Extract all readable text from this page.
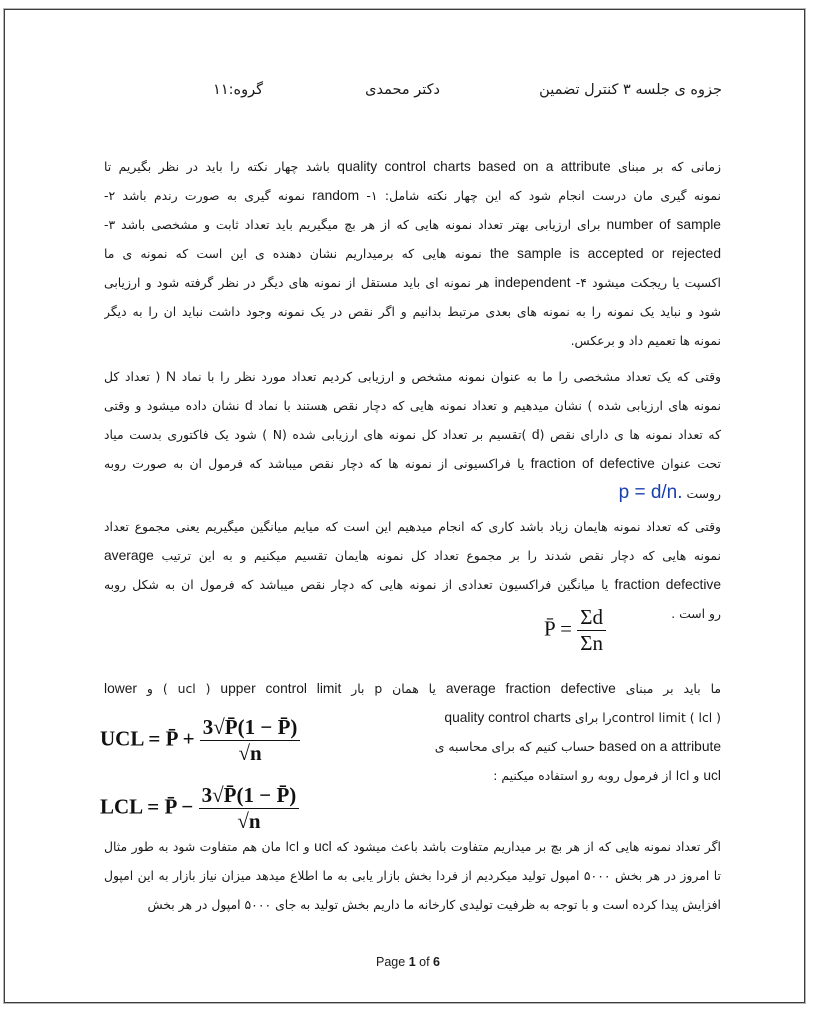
جزوه ی جلسه ۳ کنترل تضمین
دکتر محمدی
گروه:۱۱
زمانی که بر مبنای quality control charts based on a attribute باشد چهار نکته را باید در نظر بگیریم تا
نمونه گیری مان درست انجام شود که این چهار نکته شامل: ۱- random نمونه گیری به صورت رندم باشد ۲-
number of sample برای ارزیابی بهتر تعداد نمونه هایی که از هر بچ میگیریم باید تعداد ثابت و مشخصی باشد ۳-
the sample is accepted or rejected نمونه هایی که برمیداریم نشان دهنده ی این است که نمونه ی ما
اکسپت یا ریجکت میشود ۴- independent هر نمونه ای باید مستقل از نمونه های دیگر در نظر گرفته شود و ارزیابی
شود و نباید یک نمونه را به نمونه های بعدی مرتبط بدانیم و اگر نقص در یک نمونه وجود داشت نباید ان را به دیگر
نمونه ها تعمیم داد و برعکس.
وقتی که یک تعداد مشخصی را ما به عنوان نمونه مشخص و ارزیابی کردیم تعداد مورد نظر را با نماد N ( تعداد کل
نمونه های ارزیابی شده ) نشان میدهیم و تعداد نمونه هایی که دچار نقص هستند با نماد d نشان داده میشود و وقتی
که تعداد نمونه ها ی دارای نقص (d )تقسیم بر تعداد کل نمونه های ارزیابی شده (N ) شود یک فاکتوری بدست میاد
تحت عنوان fraction of defective یا فراکسیونی از نمونه ها که دچار نقص میباشد که فرمول ان به صورت روبه
روست p = d/n.
وقتی که تعداد نمونه هایمان زیاد باشد کاری که انجام میدهیم این است که میایم میانگین میگیریم یعنی مجموع تعداد
نمونه هایی که دچار نقص شدند را بر مجموع تعداد کل نمونه هایمان تقسیم میکنیم و به این ترتیب average
fraction defective یا میانگین فراکسیون تعدادی از نمونه هایی که دچار نقص میباشد که فرمول ان به شکل روبه
رو است .
P̄ = $\frac{\Sigma d}{\Sigma n}$
ما باید بر مبنای average fraction defective یا همان p بار upper control limit ( ucl ) و lower
control limit ( lcl )را برای quality control charts
based on a attribute حساب کنیم که برای محاسبه ی
ucl و lcl از فرمول روبه رو استفاده میکنیم :
UCL = P̄ + $\frac{3√P̄(1 - P̄)}{√n}$
LCL = P̄ − $\frac{3√P̄(1 - P̄)}{√n}$
اگر تعداد نمونه هایی که از هر بچ بر میداریم متفاوت باشد باعث میشود که ucl و lcl مان هم متفاوت شود به طور مثال
تا امروز در هر بخش ۵۰۰۰ امپول تولید میکردیم از فردا بخش بازار یابی به ما اطلاع میدهد میزان نیاز بازار به این امپول
افزایش پیدا کرده است و با توجه به ظرفیت تولیدی کارخانه ما داریم بخش تولید به جای ۵۰۰۰ امپول در هر بخش
Page 1 of 6
